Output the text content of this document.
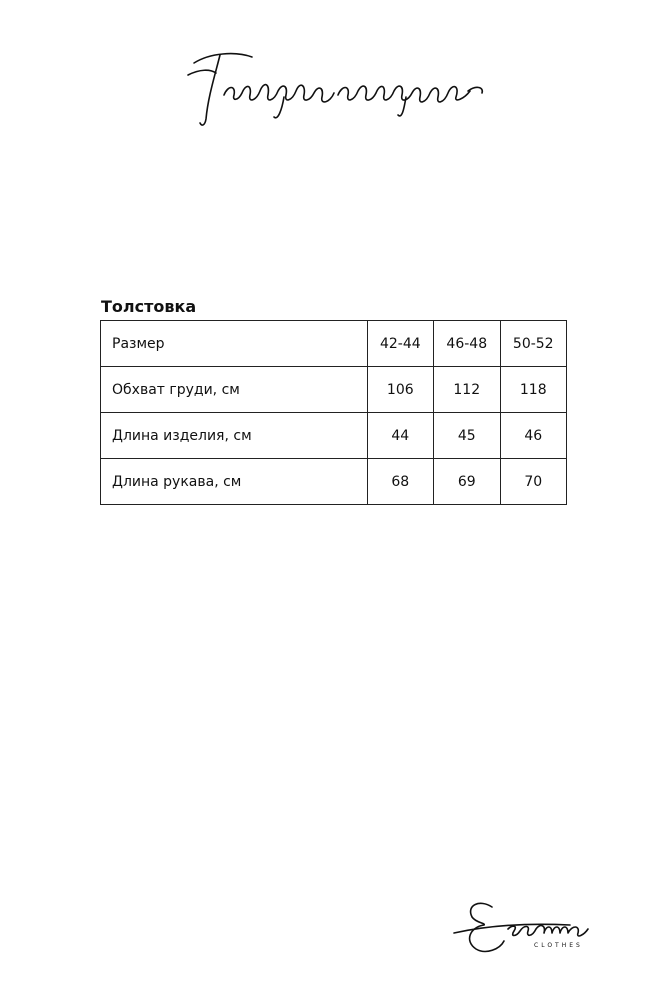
Толстовка
Размер	42-44	46-48	50-52
Обхват груди, см	106	112	118
Длина изделия, см	44	45	46
Длина рукава, см	68	69	70
CLOTHES
